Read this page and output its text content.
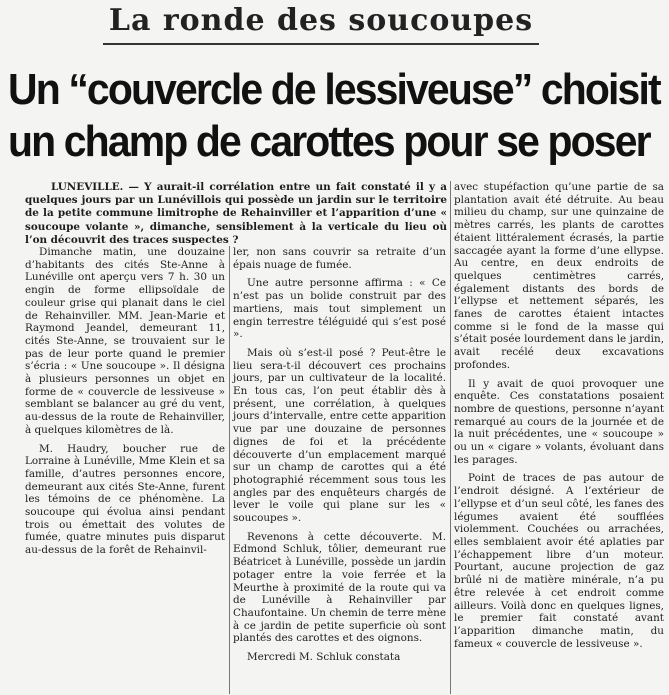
La ronde des soucoupes
Un “couvercle de lessiveuse” choisit
un champ de carottes pour se poser

LUNEVILLE. — Y aurait-il corrélation entre un fait constaté il y a quelques jours par un Lunévillois qui possède un jardin sur le territoire de la petite commune limitrophe de Rehainviller et l’apparition d’une « soucoupe volante », dimanche, sensiblement à la verticale du lieu où l’on découvrit des traces suspectes ?

Dimanche matin, une douzaine d’habitants des cités Ste-Anne à Lunéville ont aperçu vers 7 h. 30 un engin de forme ellipsoïdale de couleur grise qui planait dans le ciel de Rehainviller. MM. Jean-Marie et Raymond Jeandel, demeurant 11, cités Ste-Anne, se trouvaient sur le pas de leur porte quand le premier s’écria : « Une soucoupe ». Il désigna à plusieurs personnes un objet en forme de « couvercle de lessiveuse » semblant se balancer au gré du vent, au-dessus de la route de Rehainviller, à quelques kilomètres de là.

M. Haudry, boucher rue de Lorraine à Lunéville, Mme Klein et sa famille, d’autres personnes encore, demeurant aux cités Ste-Anne, furent les témoins de ce phénomène. La soucoupe qui évolua ainsi pendant trois ou émettait des volutes de fumée, quatre minutes puis disparut au-dessus de la forêt de Rehainvil-

ler, non sans couvrir sa retraite d’un épais nuage de fumée.

Une autre personne affirma : « Ce n’est pas un bolide construit par des martiens, mais tout simplement un engin terrestre téléguidé qui s’est posé ».

Mais où s’est-il posé ? Peut-être le lieu sera-t-il découvert ces prochains jours, par un cultivateur de la localité. En tous cas, l’on peut établir dès à présent, une corrélation, à quelques jours d’intervalle, entre cette apparition vue par une douzaine de personnes dignes de foi et la précédente découverte d’un emplacement marqué sur un champ de carottes qui a été photographié récemment sous tous les angles par des enquêteurs chargés de lever le voile qui plane sur les « soucoupes ».

Revenons à cette découverte. M. Edmond Schluk, tôlier, demeurant rue Béatricet à Lunéville, possède un jardin potager entre la voie ferrée et la Meurthe à proximité de la route qui va de Lunéville à Rehainviller par Chaufontaine. Un chemin de terre mène à ce jardin de petite superficie où sont plantés des carottes et des oignons.

Mercredi M. Schluk constata

avec stupéfaction qu’une partie de sa plantation avait été détruite. Au beau milieu du champ, sur une quinzaine de mètres carrés, les plants de carottes étaient littéralement écrasés, la partie saccagée ayant la forme d’une ellypse. Au centre, en deux endroits de quelques centimètres carrés, également distants des bords de l’ellypse et nettement séparés, les fanes de carottes étaient intactes comme si le fond de la masse qui s’était posée lourdement dans le jardin, avait recélé deux excavations profondes.

Il y avait de quoi provoquer une enquête. Ces constatations posaient nombre de questions, personne n’ayant remarqué au cours de la journée et de la nuit précédentes, une « soucoupe » ou un « cigare » volants, évoluant dans les parages.

Point de traces de pas autour de l’endroit désigné. A l’extérieur de l’ellypse et d’un seul côté, les fanes des légumes avaient été soufflées violemment. Couchées ou arrachées, elles semblaient avoir été aplaties par l’échappement libre d’un moteur. Pourtant, aucune projection de gaz brûlé ni de matière minérale, n’a pu être relevée à cet endroit comme ailleurs. Voilà donc en quelques lignes, le premier fait constaté avant l’apparition dimanche matin, du fameux « couvercle de lessiveuse ».
